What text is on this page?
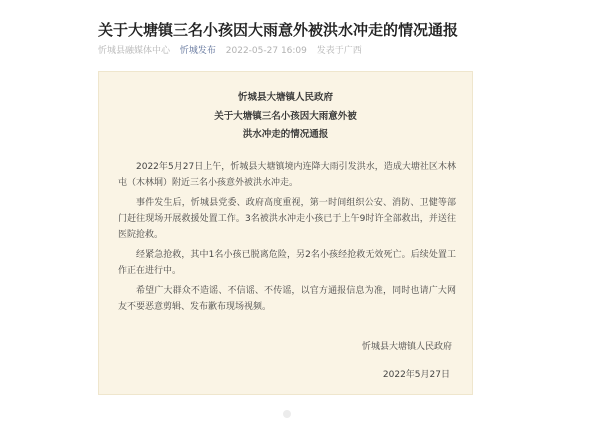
关于大塘镇三名小孩因大雨意外被洪水冲走的情况通报
忻城县融媒体中心 忻城发布 2022-05-27 16:09 发表于广西
忻城县大塘镇人民政府
关于大塘镇三名小孩因大雨意外被
洪水冲走的情况通报

2022年5月27日上午，忻城县大塘镇境内连降大雨引发洪水，造成大塘社区木林屯（木林垌）附近三名小孩意外被洪水冲走。

事件发生后，忻城县党委、政府高度重视，第一时间组织公安、消防、卫健等部门赶往现场开展救援处置工作。3名被洪水冲走小孩已于上午9时许全部救出，并送往医院抢救。

经紧急抢救，其中1名小孩已脱离危险，另2名小孩经抢救无效死亡。后续处置工作正在进行中。

希望广大群众不造谣、不信谣、不传谣，以官方通报信息为准，同时也请广大网友不要恶意剪辑、发布歉布现场视频。

忻城县大塘镇人民政府
2022年5月27日
